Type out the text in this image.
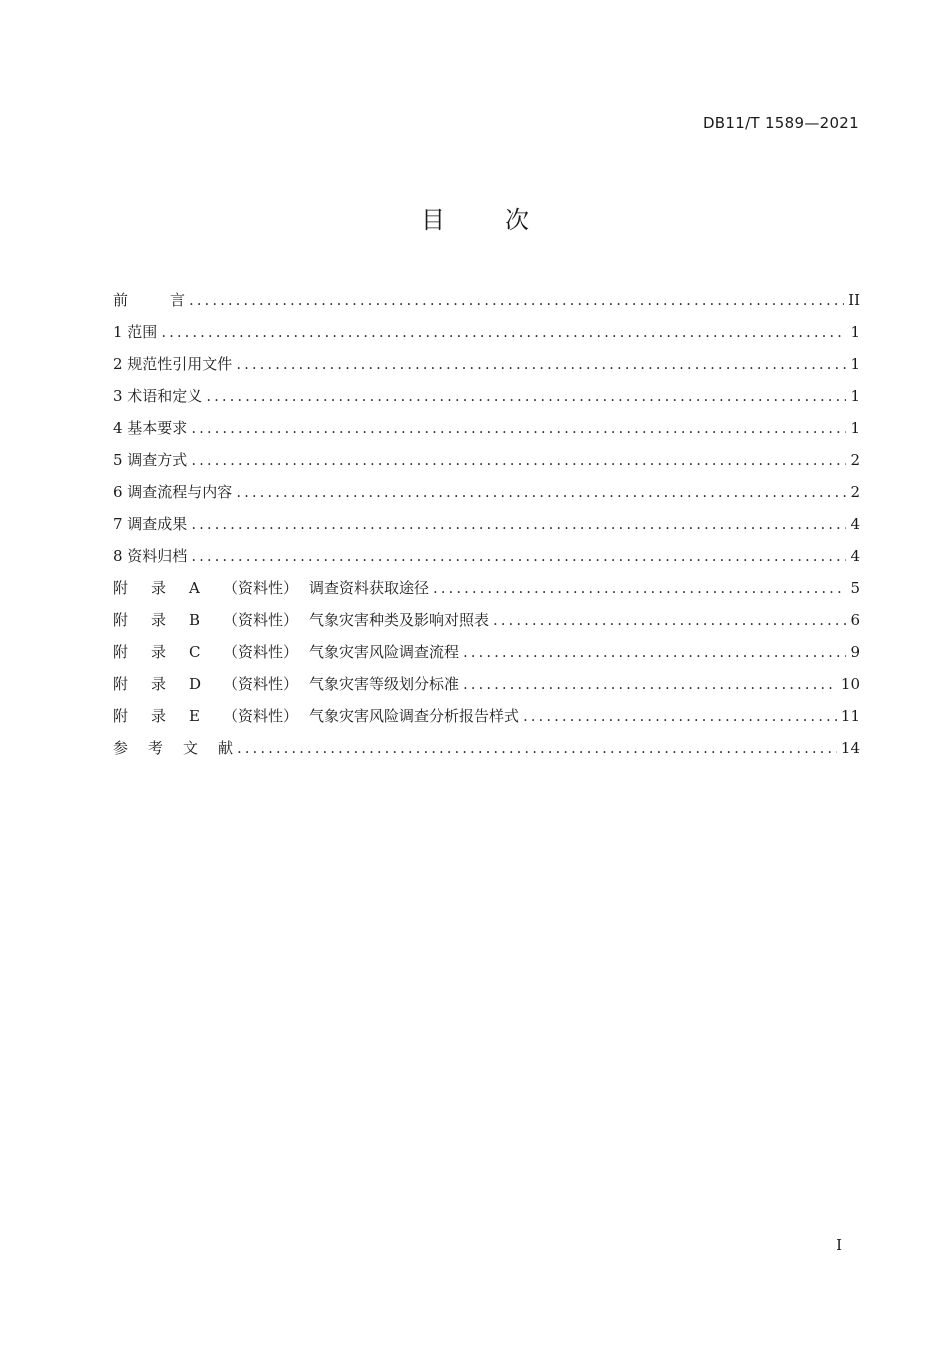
DB11/T 1589—2021
目次
前言 .....	II
1 范围 .....	1
2 规范性引用文件 .....	1
3 术语和定义 .....	1
4 基本要求 .....	1
5 调查方式 .....	2
6 调查流程与内容 .....	2
7 调查成果 .....	4
8 资料归档 .....	4
附 录 A （资料性） 调查资料获取途径 .....	5
附 录 B （资料性） 气象灾害种类及影响对照表 .....	6
附 录 C （资料性） 气象灾害风险调查流程 .....	9
附 录 D （资料性） 气象灾害等级划分标准 .....	10
附 录 E （资料性） 气象灾害风险调查分析报告样式 .....	11
参考文献 .....	14
I
